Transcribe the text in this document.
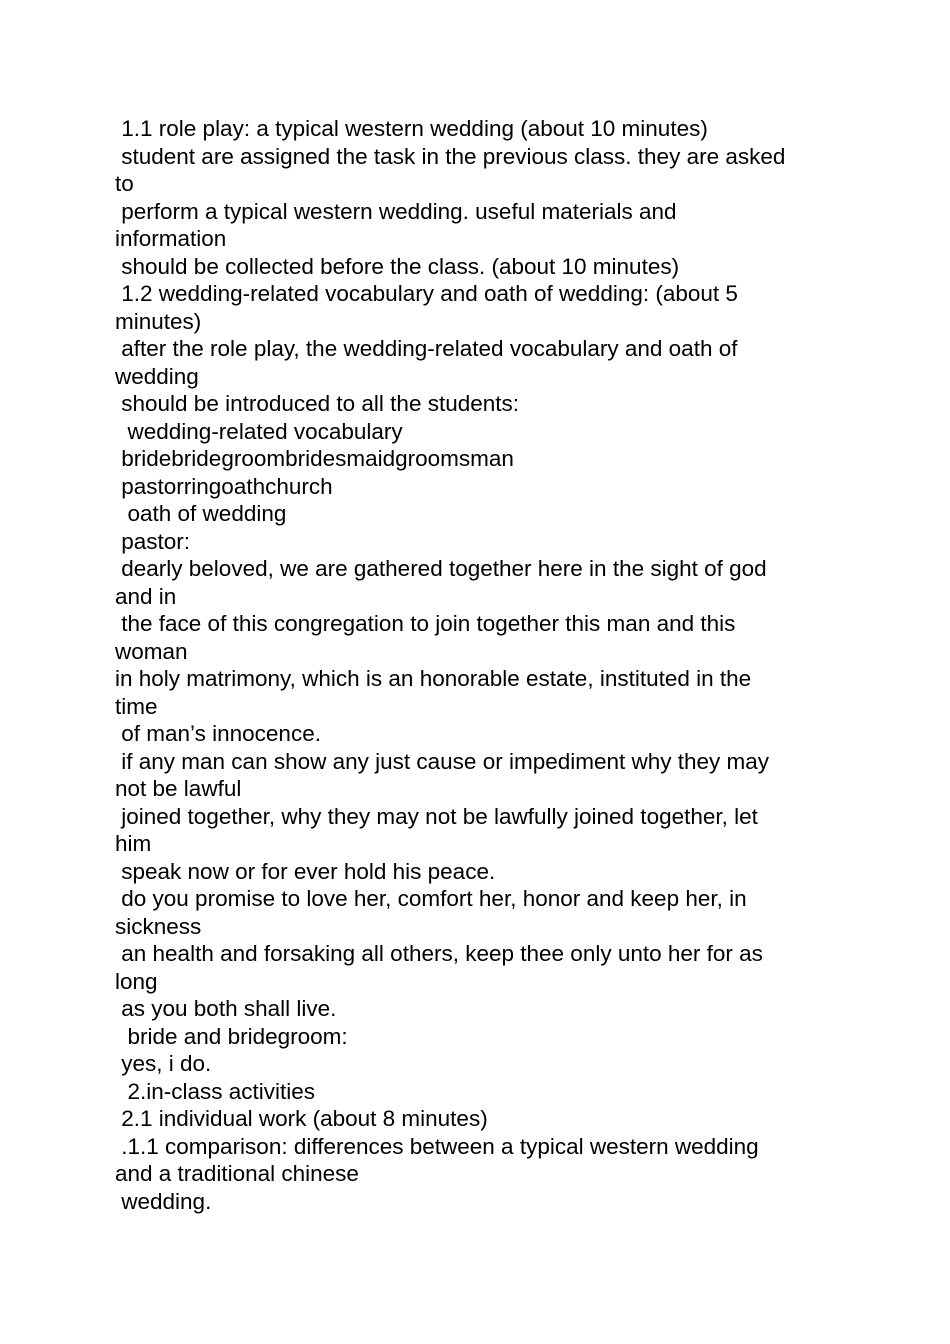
1.1 role play: a typical western wedding (about 10 minutes)
student are assigned the task in the previous class. they are asked
to
perform a typical western wedding. useful materials and
information
should be collected before the class. (about 10 minutes)
1.2 wedding-related vocabulary and oath of wedding: (about 5
minutes)
after the role play, the wedding-related vocabulary and oath of
wedding
should be introduced to all the students:
wedding-related vocabulary
bridebridegroombridesmaidgroomsman
pastorringoathchurch
oath of wedding
pastor:
dearly beloved, we are gathered together here in the sight of god
and in
the face of this congregation to join together this man and this
woman
in holy matrimony, which is an honorable estate, instituted in the
time
of man’s innocence.
if any man can show any just cause or impediment why they may
not be lawful
joined together, why they may not be lawfully joined together, let
him
speak now or for ever hold his peace.
do you promise to love her, comfort her, honor and keep her, in
sickness
an health and forsaking all others, keep thee only unto her for as
long
as you both shall live.
bride and bridegroom:
yes, i do.
2.in-class activities
2.1 individual work (about 8 minutes)
.1.1 comparison: differences between a typical western wedding
and a traditional chinese
wedding.
